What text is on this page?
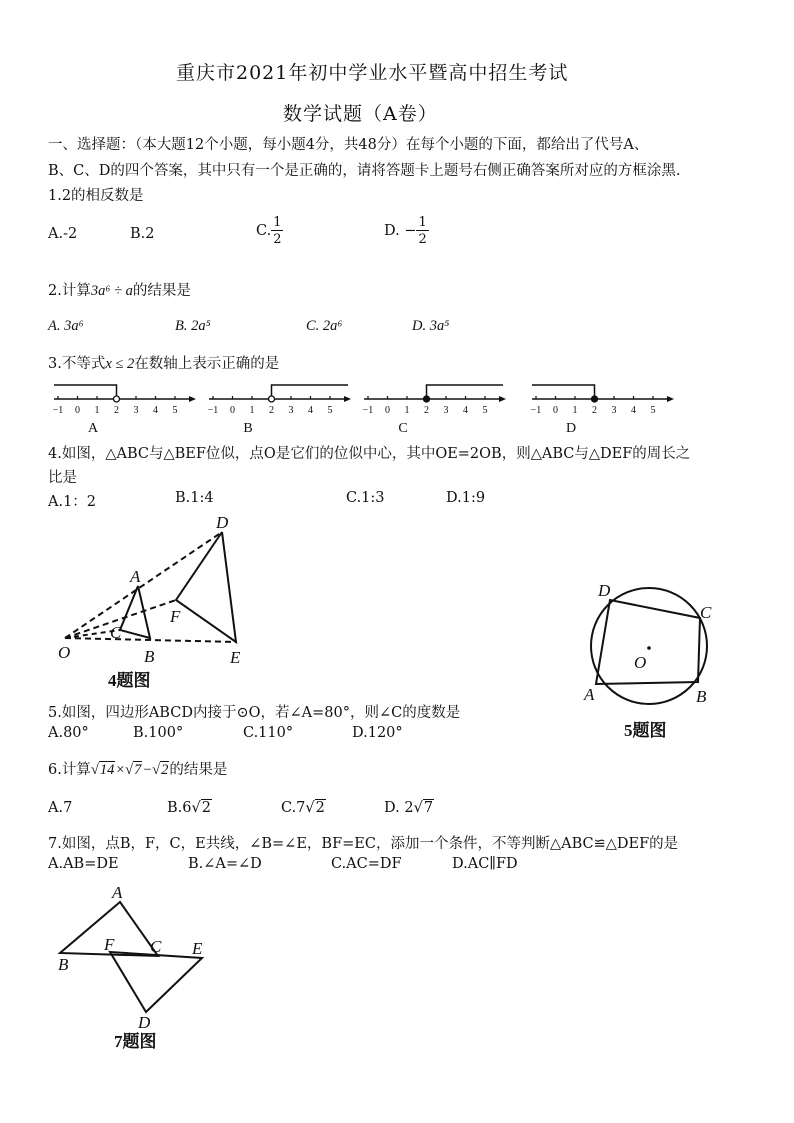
重庆市2021年初中学业水平暨高中招生考试
数学试题（A卷）
一、选择题：（本大题12个小题，每小题4分，共48分）在每个小题的下面，都给出了代号A、
B、C、D的四个答案，其中只有一个是正确的，请将答题卡上题号右侧正确答案所对应的方框涂黑.
1.2的相反数是
A.-2	B.2	C. $\frac{1}{2}$	D. − $\frac{1}{2}$
2.计算3a⁶ ÷ a的结果是
A. 3a⁶	B. 2a⁵	C. 2a⁶	D. 3a⁵
3.不等式x ≤ 2在数轴上表示正确的是
−1 0 1 2 3 4 5
A
−1 0 1 2 3 4 5
B
−1 0 1 2 3 4 5
C
−1 0 1 2 3 4 5
D
4.如图，△ABC与△BEF位似，点O是它们的位似中心，其中OE=2OB，则△ABC与△DEF的周长之
比是
A.1：2	B.1:4	C.1:3	D.1:9
D
A
F
C
O	B	E
4题图
D
C
O
A	B
5题图
5.如图，四边形ABCD内接于⊙O，若∠A=80°，则∠C的度数是
A.80°	B.100°	C.110°	D.120°
6.计算√14×√7−√2的结果是
A.7	B.6√2	C.7√2	D. 2√7
7.如图，点B，F，C，E共线，∠B=∠E，BF=EC，添加一个条件，不等判断△ABC≌△DEF的是
A.AB=DE	B.∠A=∠D	C.AC=DF	D.AC∥FD
A
F C E
B
D
7题图
